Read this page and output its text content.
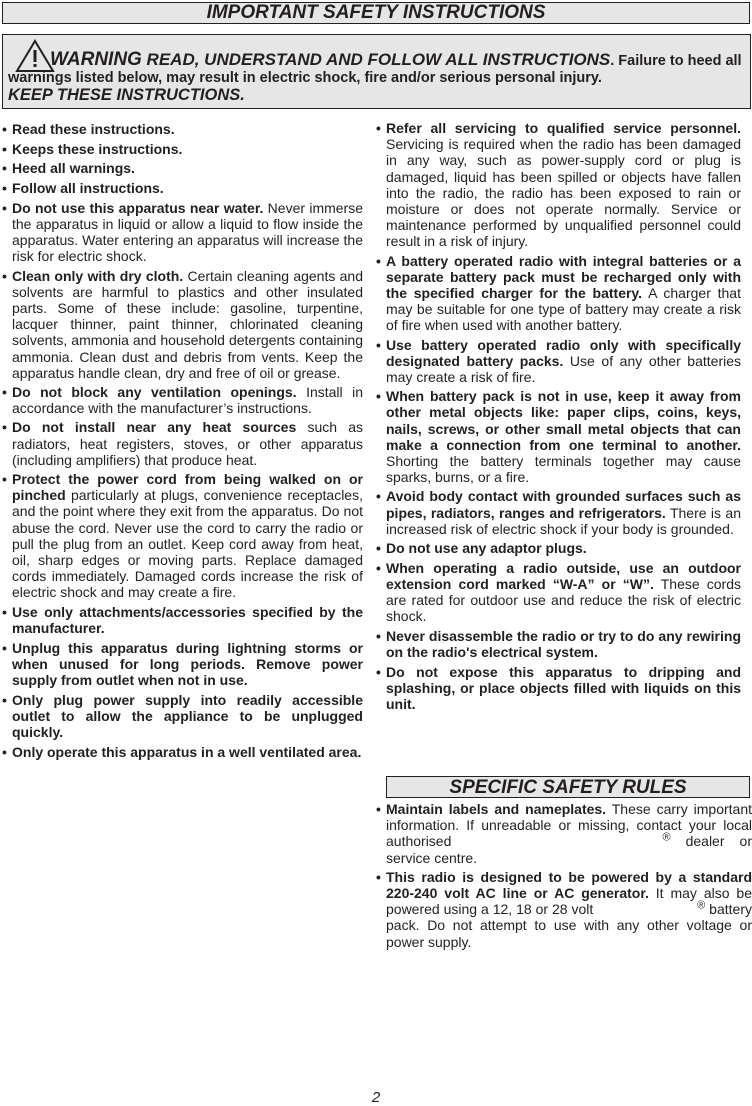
IMPORTANT SAFETY INSTRUCTIONS
WARNING READ, UNDERSTAND AND FOLLOW ALL INSTRUCTIONS. Failure to heed all warnings listed below, may result in electric shock, fire and/or serious personal injury.
KEEP THESE INSTRUCTIONS.
• Read these instructions.
• Keeps these instructions.
• Heed all warnings.
• Follow all instructions.
• Do not use this apparatus near water. Never immerse the apparatus in liquid or allow a liquid to flow inside the apparatus. Water entering an apparatus will increase the risk for electric shock.
• Clean only with dry cloth. Certain cleaning agents and solvents are harmful to plastics and other insulated parts. Some of these include: gasoline, turpentine, lacquer thinner, paint thinner, chlorinated cleaning solvents, ammonia and household detergents containing ammonia. Clean dust and debris from vents. Keep the apparatus handle clean, dry and free of oil or grease.
• Do not block any ventilation openings. Install in accordance with the manufacturer’s instructions.
• Do not install near any heat sources such as radiators, heat registers, stoves, or other apparatus (including amplifiers) that produce heat.
• Protect the power cord from being walked on or pinched particularly at plugs, convenience receptacles, and the point where they exit from the apparatus. Do not abuse the cord. Never use the cord to carry the radio or pull the plug from an outlet. Keep cord away from heat, oil, sharp edges or moving parts. Replace damaged cords immediately. Damaged cords increase the risk of electric shock and may create a fire.
• Use only attachments/accessories specified by the manufacturer.
• Unplug this apparatus during lightning storms or when unused for long periods. Remove power supply from outlet when not in use.
• Only plug power supply into readily accessible outlet to allow the appliance to be unplugged quickly.
• Only operate this apparatus in a well ventilated area.
• Refer all servicing to qualified service personnel. Servicing is required when the radio has been damaged in any way, such as power-supply cord or plug is damaged, liquid has been spilled or objects have fallen into the radio, the radio has been exposed to rain or moisture or does not operate normally. Service or maintenance performed by unqualified personnel could result in a risk of injury.
• A battery operated radio with integral batteries or a separate battery pack must be recharged only with the specified charger for the battery. A charger that may be suitable for one type of battery may create a risk of fire when used with another battery.
• Use battery operated radio only with specifically designated battery packs. Use of any other batteries may create a risk of fire.
• When battery pack is not in use, keep it away from other metal objects like: paper clips, coins, keys, nails, screws, or other small metal objects that can make a connection from one terminal to another. Shorting the battery terminals together may cause sparks, burns, or a fire.
• Avoid body contact with grounded surfaces such as pipes, radiators, ranges and refrigerators. There is an increased risk of electric shock if your body is grounded.
• Do not use any adaptor plugs.
• When operating a radio outside, use an outdoor extension cord marked “W-A” or “W”. These cords are rated for outdoor use and reduce the risk of electric shock.
• Never disassemble the radio or try to do any rewiring on the radio's electrical system.
• Do not expose this apparatus to dripping and splashing, or place objects filled with liquids on this unit.
SPECIFIC SAFETY RULES
• Maintain labels and nameplates. These carry important information. If unreadable or missing, contact your local authorised	® dealer or service centre.
• This radio is designed to be powered by a standard 220-240 volt AC line or AC generator. It may also be powered using a 12, 18 or 28 volt	® battery pack. Do not attempt to use with any other voltage or power supply.
2
